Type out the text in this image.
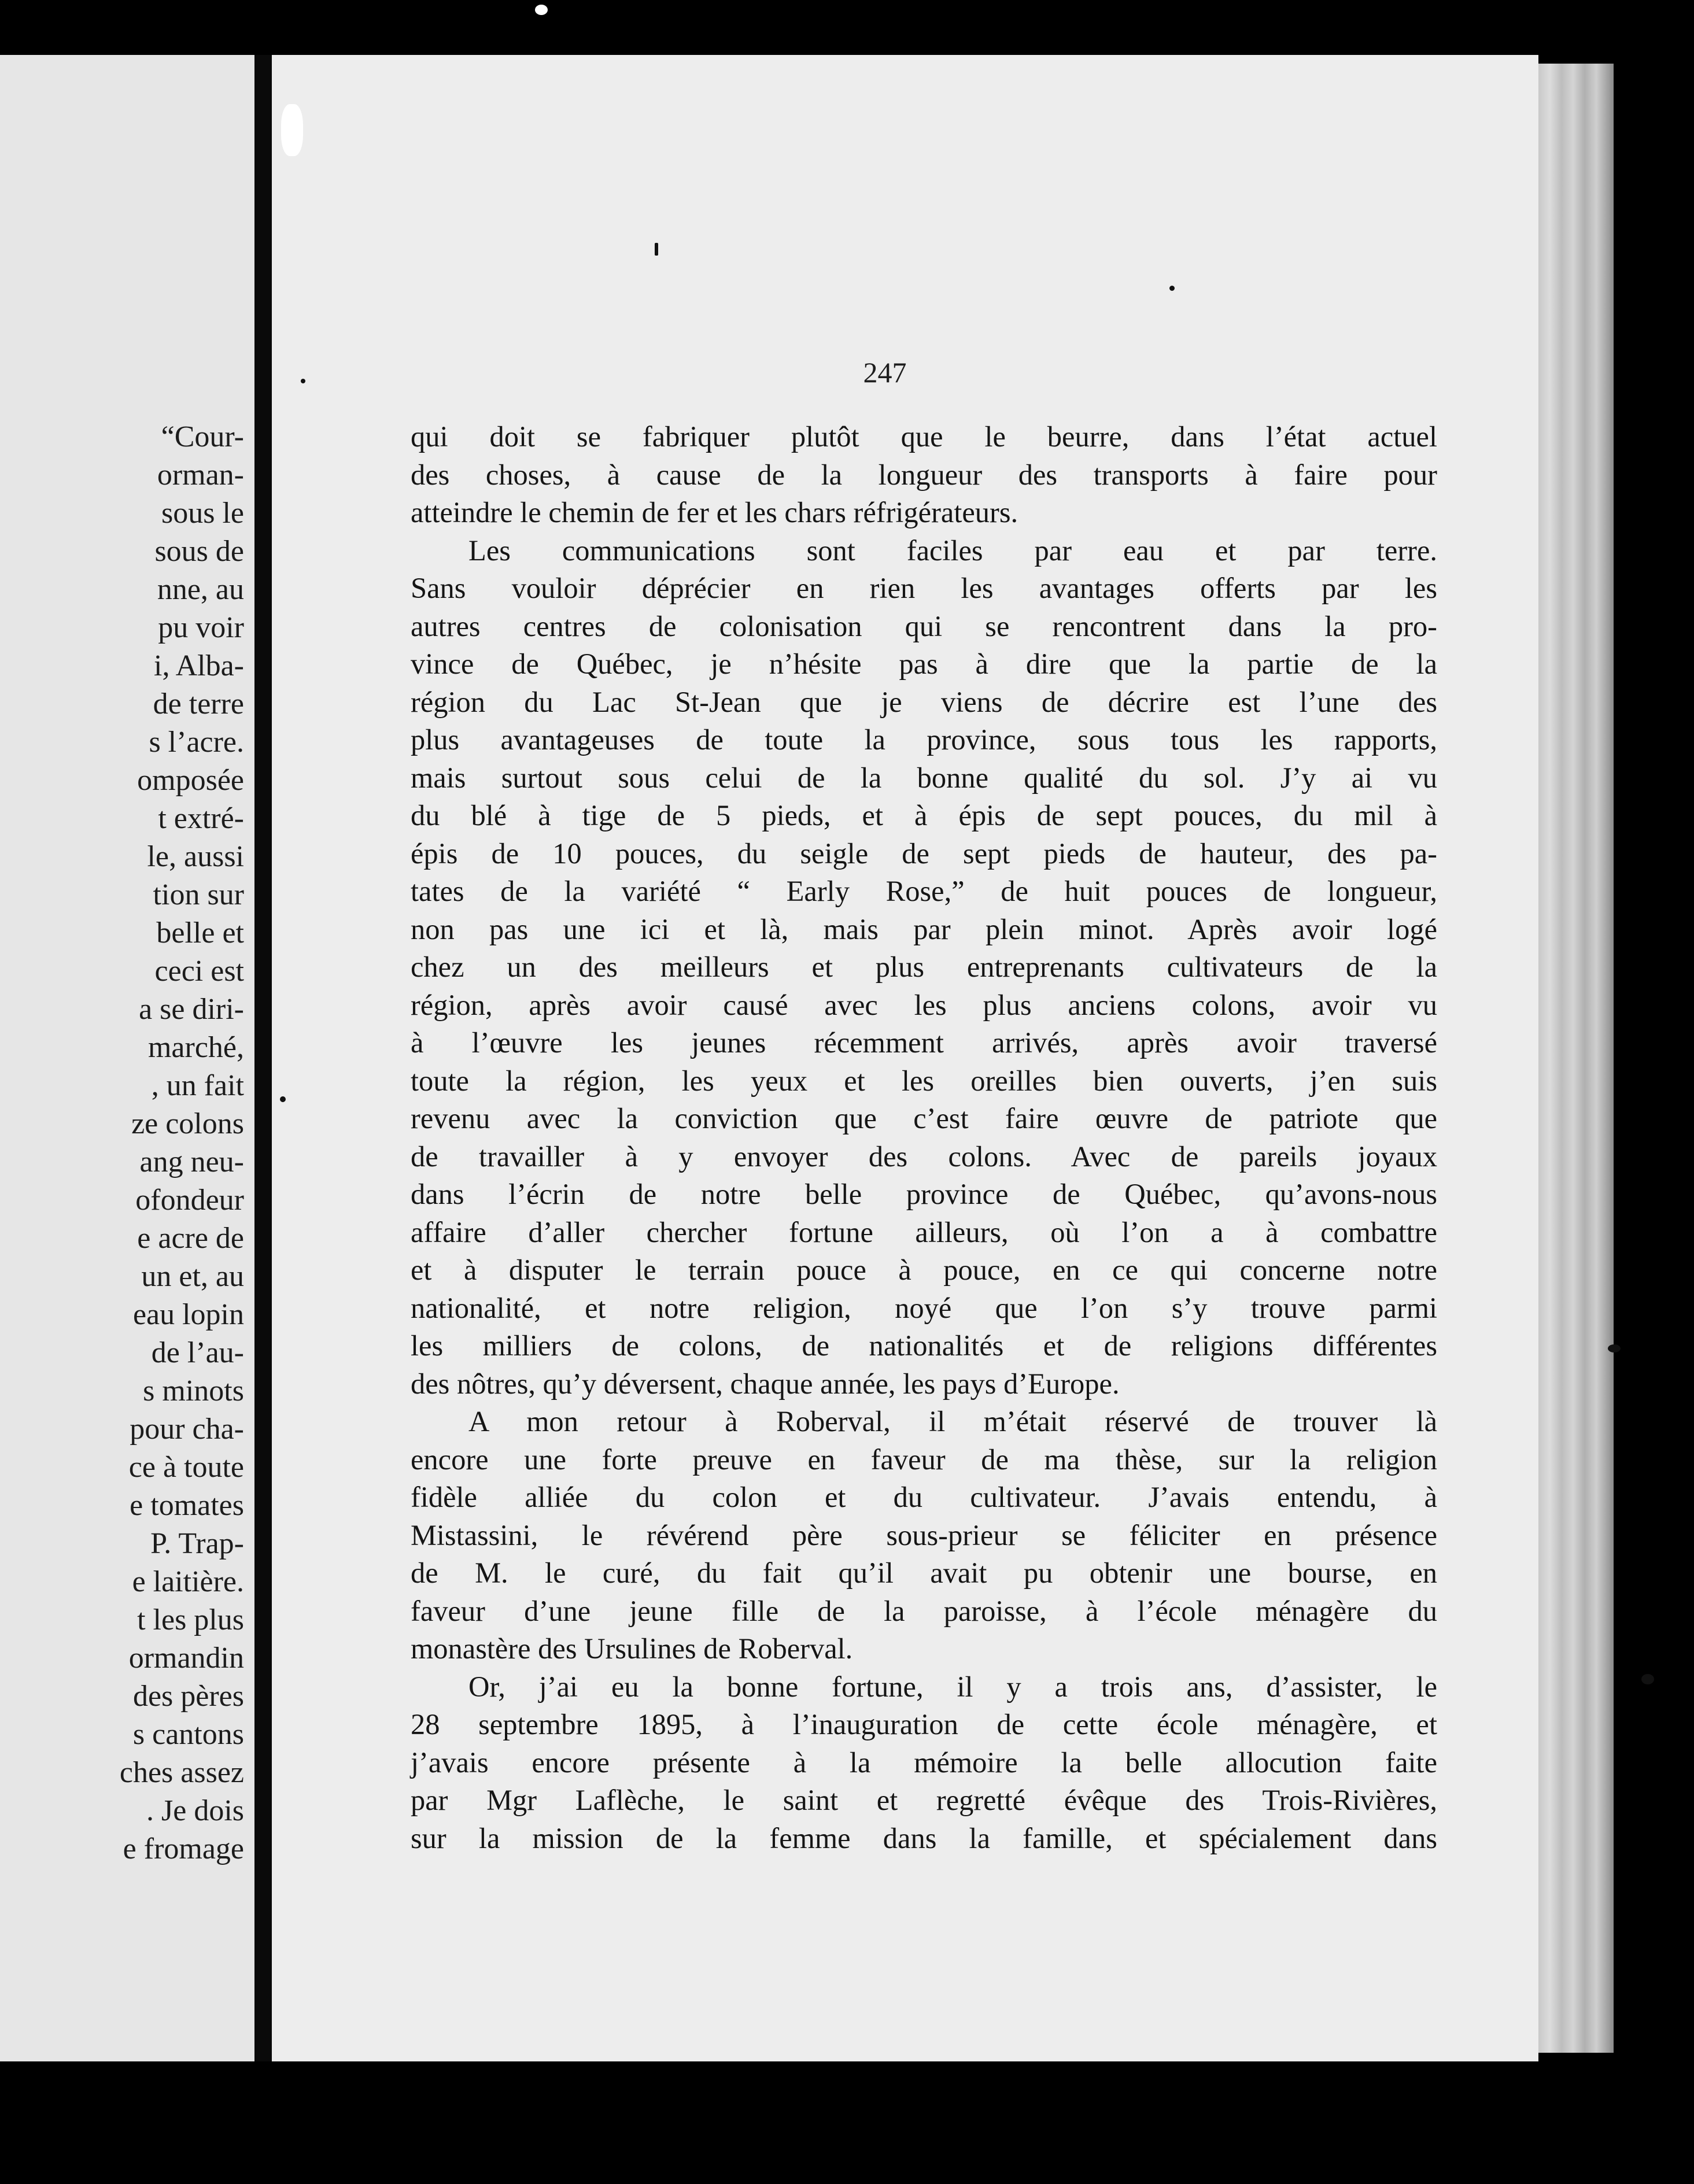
“Cour-
orman-
sous le
sous de
nne, au
pu voir
i, Alba-
de terre
s l’acre.
omposée
t extré-
le, aussi
tion sur
belle et
ceci est
a se diri-
marché,
, un fait
ze colons
ang neu-
ofondeur
e acre de
un et, au
eau lopin
de l’au-
s minots
pour cha-
ce à toute
e tomates
P. Trap-
e laitière.
t les plus
ormandin
des pères
s cantons
ches assez
. Je dois
e fromage
247
qui doit se fabriquer plutôt que le beurre, dans l’état actuel
des choses, à cause de la longueur des transports à faire pour
atteindre le chemin de fer et les chars réfrigérateurs.
Les communications sont faciles par eau et par terre.
Sans vouloir déprécier en rien les avantages offerts par les
autres centres de colonisation qui se rencontrent dans la pro-
vince de Québec, je n’hésite pas à dire que la partie de la
région du Lac St-Jean que je viens de décrire est l’une des
plus avantageuses de toute la province, sous tous les rapports,
mais surtout sous celui de la bonne qualité du sol. J’y ai vu
du blé à tige de 5 pieds, et à épis de sept pouces, du mil à
épis de 10 pouces, du seigle de sept pieds de hauteur, des pa-
tates de la variété “ Early Rose,” de huit pouces de longueur,
non pas une ici et là, mais par plein minot. Après avoir logé
chez un des meilleurs et plus entreprenants cultivateurs de la
région, après avoir causé avec les plus anciens colons, avoir vu
à l’œuvre les jeunes récemment arrivés, après avoir traversé
toute la région, les yeux et les oreilles bien ouverts, j’en suis
revenu avec la conviction que c’est faire œuvre de patriote que
de travailler à y envoyer des colons. Avec de pareils joyaux
dans l’écrin de notre belle province de Québec, qu’avons-nous
affaire d’aller chercher fortune ailleurs, où l’on a à combattre
et à disputer le terrain pouce à pouce, en ce qui concerne notre
nationalité, et notre religion, noyé que l’on s’y trouve parmi
les milliers de colons, de nationalités et de religions différentes
des nôtres, qu’y déversent, chaque année, les pays d’Europe.
A mon retour à Roberval, il m’était réservé de trouver là
encore une forte preuve en faveur de ma thèse, sur la religion
fidèle alliée du colon et du cultivateur. J’avais entendu, à
Mistassini, le révérend père sous-prieur se féliciter en présence
de M. le curé, du fait qu’il avait pu obtenir une bourse, en
faveur d’une jeune fille de la paroisse, à l’école ménagère du
monastère des Ursulines de Roberval.
Or, j’ai eu la bonne fortune, il y a trois ans, d’assister, le
28 septembre 1895, à l’inauguration de cette école ménagère, et
j’avais encore présente à la mémoire la belle allocution faite
par Mgr Laflèche, le saint et regretté évêque des Trois-Rivières,
sur la mission de la femme dans la famille, et spécialement dans
